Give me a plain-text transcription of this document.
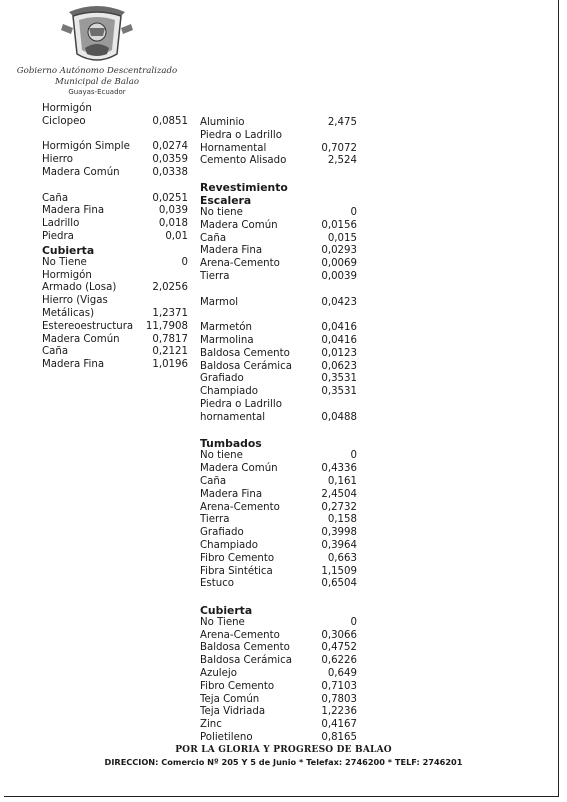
Gobierno Autónomo Descentralizado
Municipal de Balao
Guayas-Ecuador
Hormigón
Ciclopeo	0,0851
Hormigón Simple	0,0274
Hierro	0,0359
Madera Común	0,0338
Caña	0,0251
Madera Fina	0,039
Ladrillo	0,018
Piedra	0,01
Cubierta
No Tiene	0
Hormigón
Armado (Losa)	2,0256
Hierro (Vigas
Metálicas)	1,2371
Estereoestructura	11,7908
Madera Común	0,7817
Caña	0,2121
Madera Fina	1,0196
Aluminio	2,475
Piedra o Ladrillo
Hornamental	0,7072
Cemento Alisado	2,524
Revestimiento
Escalera
No tiene	0
Madera Común	0,0156
Caña	0,015
Madera Fina	0,0293
Arena-Cemento	0,0069
Tierra	0,0039
Marmol	0,0423
Marmetón	0,0416
Marmolina	0,0416
Baldosa Cemento	0,0123
Baldosa Cerámica	0,0623
Grafiado	0,3531
Champiado	0,3531
Piedra o Ladrillo
hornamental	0,0488
Tumbados
No tiene	0
Madera Común	0,4336
Caña	0,161
Madera Fina	2,4504
Arena-Cemento	0,2732
Tierra	0,158
Grafiado	0,3998
Champiado	0,3964
Fibro Cemento	0,663
Fibra Sintética	1,1509
Estuco	0,6504
Cubierta
No Tiene	0
Arena-Cemento	0,3066
Baldosa Cemento	0,4752
Baldosa Cerámica	0,6226
Azulejo	0,649
Fibro Cemento	0,7103
Teja Común	0,7803
Teja Vidriada	1,2236
Zinc	0,4167
Polietileno	0,8165
POR LA GLORIA Y PROGRESO DE BALAO
DIRECCION: Comercio Nº 205 Y 5 de Junio * Telefax: 2746200 * TELF: 2746201
